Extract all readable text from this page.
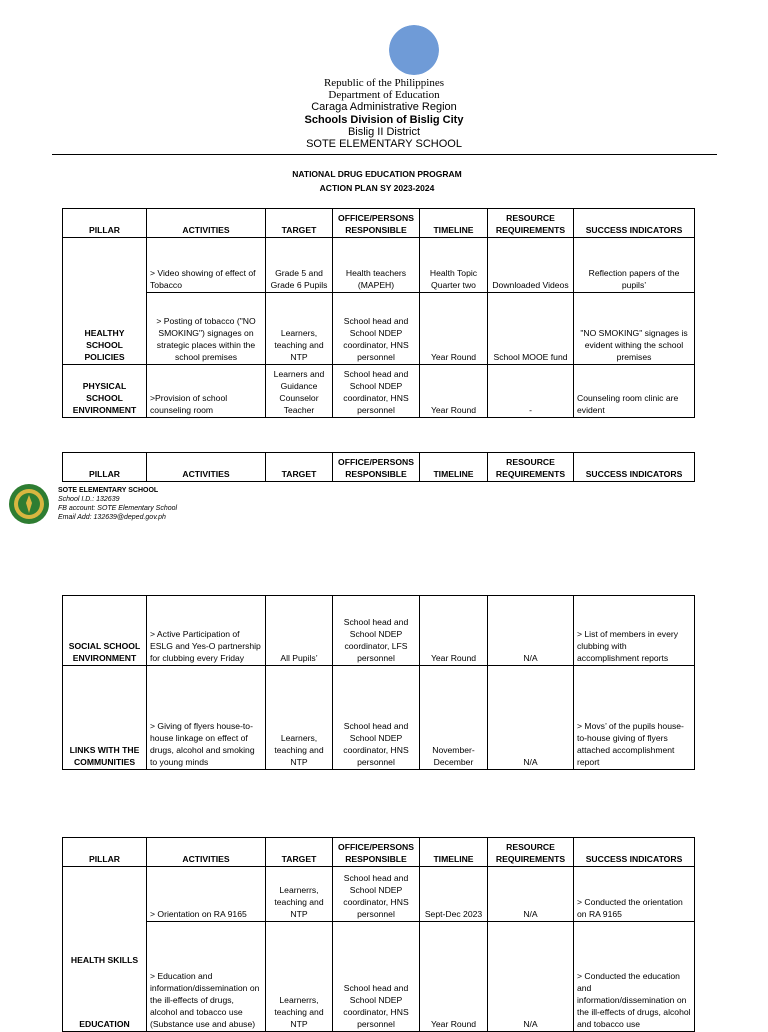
Republic of the Philippines
Department of Education
Caraga Administrative Region
Schools Division of Bislig City
Bislig II District
SOTE ELEMENTARY SCHOOL
NATIONAL DRUG EDUCATION PROGRAM
ACTION PLAN SY 2023-2024
PILLAR	ACTIVITIES	TARGET	OFFICE/PERSONS RESPONSIBLE	TIMELINE	RESOURCE REQUIREMENTS	SUCCESS INDICATORS
HEALTHY SCHOOL POLICIES	> Video showing of effect of Tobacco	Grade 5 and Grade 6 Pupils	Health teachers (MAPEH)	Health Topic Quarter two	Downloaded Videos	Reflection papers of the pupils’
	> Posting of tobacco ("NO SMOKING") signages on strategic places within the school premises	Learners, teaching and NTP	School head and School NDEP coordinator, HNS personnel	Year Round	School MOOE fund	"NO SMOKING" signages is evident withing the school premises
PHYSICAL SCHOOL ENVIRONMENT	>Provision of school counseling room	Learners and Guidance Counselor Teacher	School head and School NDEP coordinator, HNS personnel	Year Round	-	Counseling room clinic are evident
PILLAR	ACTIVITIES	TARGET	OFFICE/PERSONS RESPONSIBLE	TIMELINE	RESOURCE REQUIREMENTS	SUCCESS INDICATORS
SOTE ELEMENTARY SCHOOL
School I.D.: 132639
FB account: SOTE Elementary School
Email Add: 132639@deped.gov.ph
SOCIAL SCHOOL ENVIRONMENT	> Active Participation of ESLG and Yes-O partnership for clubbing every Friday	All Pupils’	School head and School NDEP coordinator, LFS personnel	Year Round	N/A	> List of members in every clubbing with accomplishment reports
LINKS WITH THE COMMUNITIES	> Giving of flyers house-to-house linkage on effect of drugs, alcohol and smoking to young minds	Learners, teaching and NTP	School head and School NDEP coordinator, HNS personnel	November-December	N/A	> Movs’ of the pupils house-to-house giving of flyers attached accomplishment report
PILLAR	ACTIVITIES	TARGET	OFFICE/PERSONS RESPONSIBLE	TIMELINE	RESOURCE REQUIREMENTS	SUCCESS INDICATORS

HEALTH SKILLS
EDUCATION	> Orientation on RA 9165	Learnerrs, teaching and NTP	School head and School NDEP coordinator, HNS personnel	Sept-Dec 2023	N/A	> Conducted the orientation on RA 9165
	> Education and information/dissemination on the ill-effects of drugs, alcohol and tobacco use (Substance use and abuse)	Learnerrs, teaching and NTP	School head and School NDEP coordinator, HNS personnel	Year Round	N/A	> Conducted the education and information/dissemination on the ill-effects of drugs, alcohol and tobacco use
